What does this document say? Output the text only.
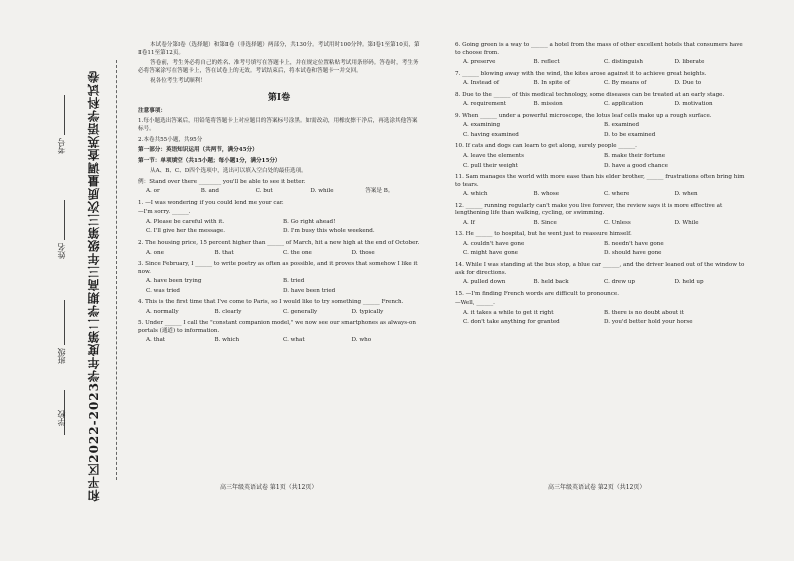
和平区2022-2023学年度第二学期高三年级第三次质量调查英语学科试卷
考号
姓名
班级
学校

本试卷分第Ⅰ卷（选择题）和第Ⅱ卷（非选择题）两部分，共130分。考试用时100分钟。第Ⅰ卷1至第10页，第Ⅱ卷11至第12页。

答卷前，考生务必将自己的姓名、准考号填写在答题卡上，并在规定位置粘贴考试用条形码。答卷时，考生务必将答案涂写在答题卡上，答在试卷上的无效。考试结束后，将本试卷和答题卡一并交回。

祝各位考生考试顺利！

第Ⅰ卷

注意事项：

1.每小题选出答案后，用铅笔将答题卡上对应题目的答案标号涂黑。如需改动，用橡皮擦干净后，再选涂其他答案标号。

2.本卷共55小题，共95分

第一部分：英语知识运用（共两节，满分45分）

第一节：单项填空（共15小题；每小题1分，满分15分）

从A、B、C、D四个选项中，选出可以填入空白处的最佳选项。

例：Stand over there ________ you'll be able to see it better.

A. or	B. and	C. but	D. while	答案是 B。

1. —I was wondering if you could lend me your car.

—I'm sorry. ______.

A. Please be careful with it.	B. Go right ahead!
C. I'll give her the message.	D. I'm busy this whole weekend.

2. The housing price, 15 percent higher than ______ of March, hit a new high at the end of October.

A. one	B. that	C. the one	D. those

3. Since February, I ______ to write poetry as often as possible, and it proves that somehow I like it now.

A. have been trying	B. tried
C. was tried	D. have been tried

4. This is the first time that I've come to Paris, so I would like to try something ______ French.

A. normally	B. clearly	C. generally	D. typically

5. Under ______ I call the "constant companion model," we now see our smartphones as always-on portals (通道) to information.

A. that	B. which	C. what	D. who

6. Going green is a way to ______ a hotel from the mass of other excellent hotels that consumers have to choose from.

A. preserve	B. reflect	C. distinguish	D. liberate

7. ______ blowing away with the wind, the kites arose against it to achieve great heights.

A. Instead of	B. In spite of	C. By means of	D. Due to

8. Due to the ______ of this medical technology, some diseases can be treated at an early stage.

A. requirement	B. mission	C. application	D. motivation

9. When ______ under a powerful microscope, the lotus leaf cells make up a rough surface.

A. examining	B. examined
C. having examined	D. to be examined

10. If cats and dogs can learn to get along, surely people ______.

A. leave the elements	B. make their fortune
C. pull their weight	D. have a good chance

11. Sam manages the world with more ease than his elder brother, ______ frustrations often bring him to tears.

A. which	B. whose	C. where	D. when

12. ______ running regularly can't make you live forever, the review says it is more effective at lengthening life than walking, cycling, or swimming.

A. If	B. Since	C. Unless	D. While

13. He ______ to hospital, but he went just to reassure himself.

A. couldn't have gone	B. needn't have gone
C. might have gone	D. should have gone

14. While I was standing at the bus stop, a blue car ______, and the driver leaned out of the window to ask for directions.

A. pulled down	B. held back	C. drew up	D. held up

15. —I'm finding French words are difficult to pronounce.

—Well, ______.

A. it takes a while to get it right	B. there is no doubt about it
C. don't take anything for granted	D. you'd better hold your horse
高三年级英语试卷 第1页（共12页）	高三年级英语试卷 第2页（共12页）
